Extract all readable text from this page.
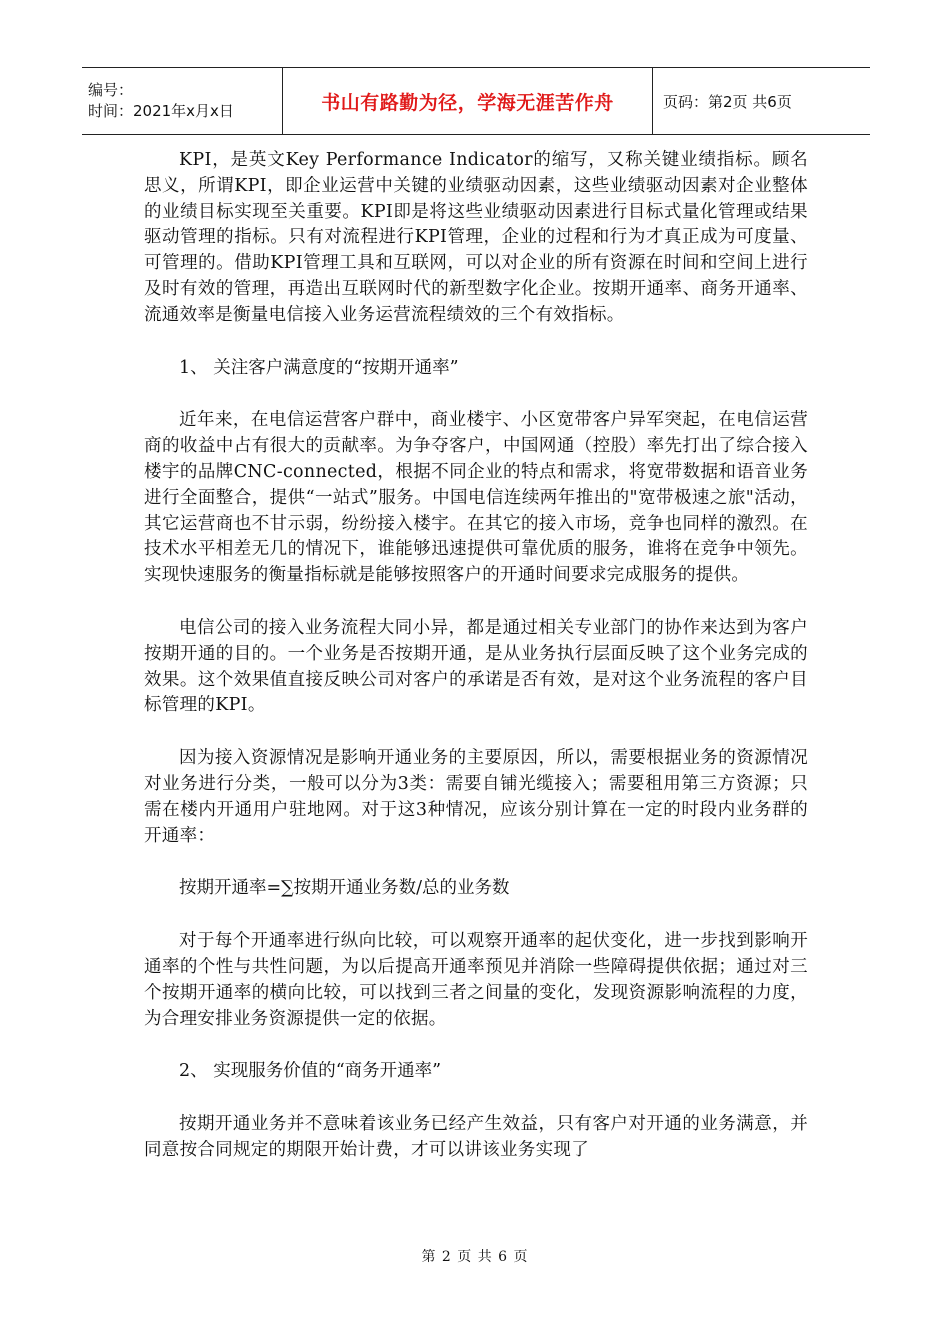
编号：
时间：2021年x月x日	书山有路勤为径，学海无涯苦作舟	页码：第2页 共6页

KPI，是英文Key Performance Indicator的缩写，又称关键业绩指标。顾名思义，所谓KPI，即企业运营中关键的业绩驱动因素，这些业绩驱动因素对企业整体的业绩目标实现至关重要。KPI即是将这些业绩驱动因素进行目标式量化管理或结果驱动管理的指标。只有对流程进行KPI管理，企业的过程和行为才真正成为可度量、可管理的。借助KPI管理工具和互联网，可以对企业的所有资源在时间和空间上进行及时有效的管理，再造出互联网时代的新型数字化企业。按期开通率、商务开通率、流通效率是衡量电信接入业务运营流程绩效的三个有效指标。

1、 关注客户满意度的“按期开通率”

近年来，在电信运营客户群中，商业楼宇、小区宽带客户异军突起，在电信运营商的收益中占有很大的贡献率。为争夺客户，中国网通（控股）率先打出了综合接入楼宇的品牌CNC-connected，根据不同企业的特点和需求，将宽带数据和语音业务进行全面整合，提供“一站式”服务。中国电信连续两年推出的"宽带极速之旅"活动，其它运营商也不甘示弱，纷纷接入楼宇。在其它的接入市场，竞争也同样的激烈。在技术水平相差无几的情况下，谁能够迅速提供可靠优质的服务，谁将在竞争中领先。实现快速服务的衡量指标就是能够按照客户的开通时间要求完成服务的提供。

电信公司的接入业务流程大同小异，都是通过相关专业部门的协作来达到为客户按期开通的目的。一个业务是否按期开通，是从业务执行层面反映了这个业务完成的效果。这个效果值直接反映公司对客户的承诺是否有效，是对这个业务流程的客户目标管理的KPI。

因为接入资源情况是影响开通业务的主要原因，所以，需要根据业务的资源情况对业务进行分类，一般可以分为3类：需要自铺光缆接入；需要租用第三方资源；只需在楼内开通用户驻地网。对于这3种情况，应该分别计算在一定的时段内业务群的开通率：

按期开通率=∑按期开通业务数/总的业务数

对于每个开通率进行纵向比较，可以观察开通率的起伏变化，进一步找到影响开通率的个性与共性问题，为以后提高开通率预见并消除一些障碍提供依据；通过对三个按期开通率的横向比较，可以找到三者之间量的变化，发现资源影响流程的力度，为合理安排业务资源提供一定的依据。

2、 实现服务价值的“商务开通率”

按期开通业务并不意味着该业务已经产生效益，只有客户对开通的业务满意，并同意按合同规定的期限开始计费，才可以讲该业务实现了

第 2 页 共 6 页
